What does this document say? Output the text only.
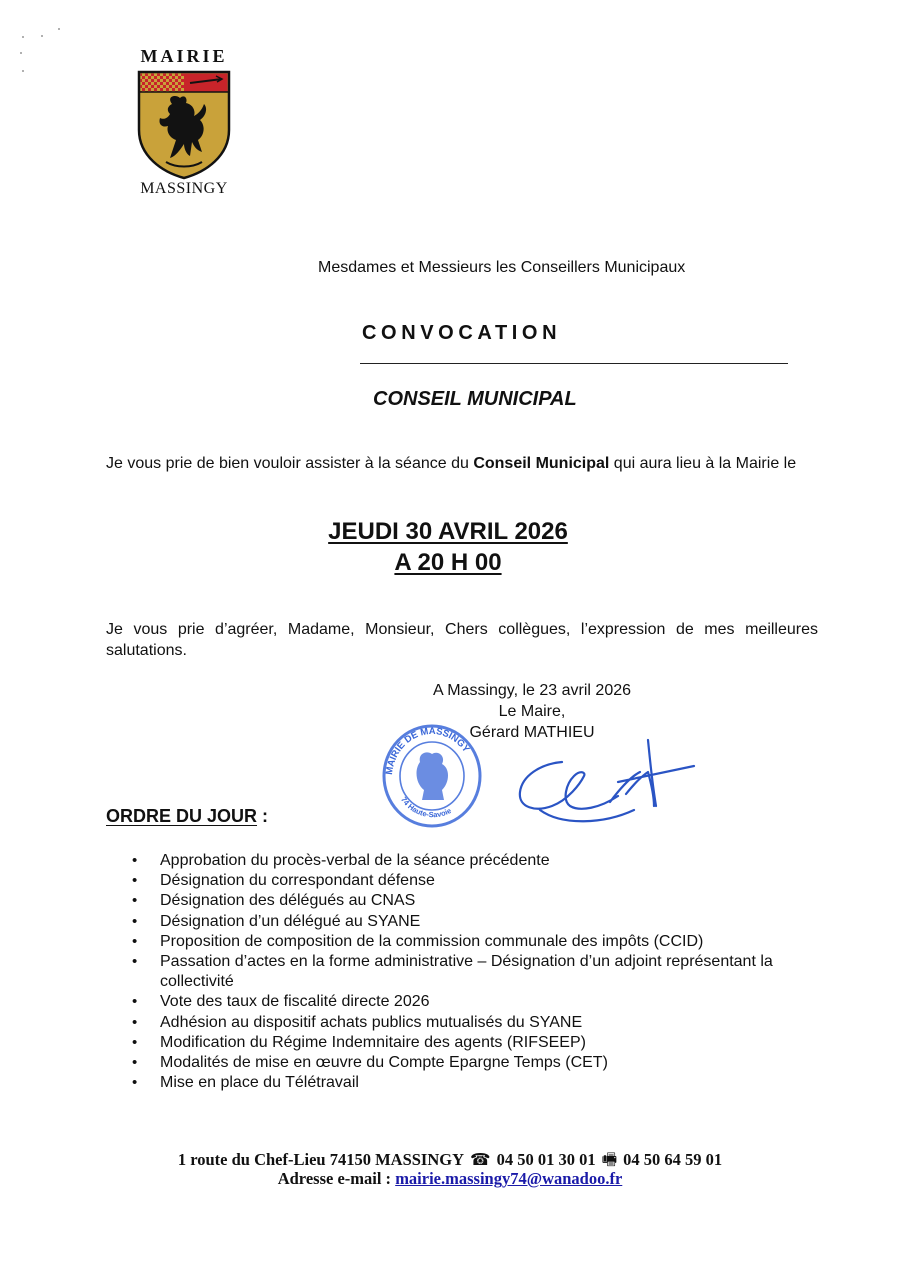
MAIRIE
MASSINGY
Mesdames et Messieurs les Conseillers Municipaux
CONVOCATION
CONSEIL MUNICIPAL
Je vous prie de bien vouloir assister à la séance du Conseil Municipal qui aura lieu à la Mairie le
JEUDI 30 AVRIL 2026
A 20 H 00
Je vous prie d’agréer, Madame, Monsieur, Chers collègues, l’expression de mes meilleures salutations.
A Massingy, le 23 avril 2026
Le Maire,
MAIRIE DE MASSINGY
74 Haute-Savoie
Gérard MATHIEU
ORDRE DU JOUR :
• Approbation du procès-verbal de la séance précédente
• Désignation du correspondant défense
• Désignation des délégués au CNAS
• Désignation d’un délégué au SYANE
• Proposition de composition de la commission communale des impôts (CCID)
• Passation d’actes en la forme administrative – Désignation d’un adjoint représentant la collectivité
• Vote des taux de fiscalité directe 2026
• Adhésion au dispositif achats publics mutualisés du SYANE
• Modification du Régime Indemnitaire des agents (RIFSEEP)
• Modalités de mise en œuvre du Compte Epargne Temps (CET)
• Mise en place du Télétravail
1 route du Chef-Lieu 74150 MASSINGY ☎ 04 50 01 30 01 🖷 04 50 64 59 01
Adresse e-mail : mairie.massingy74@wanadoo.fr
